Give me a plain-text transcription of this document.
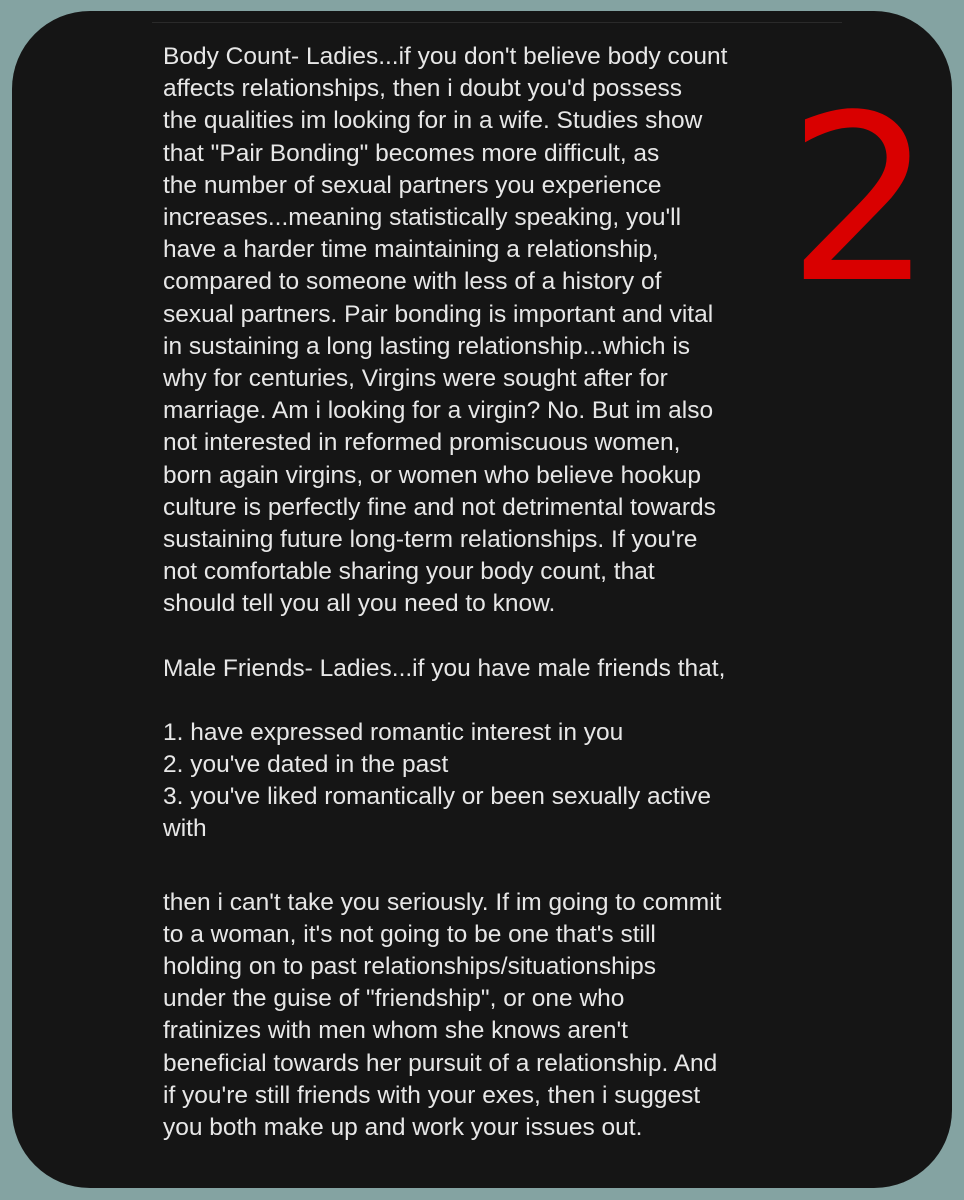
2

Body Count- Ladies...if you don't believe body count
affects relationships, then i doubt you'd possess
the qualities im looking for in a wife. Studies show
that "Pair Bonding" becomes more difficult, as
the number of sexual partners you experience
increases...meaning statistically speaking, you'll
have a harder time maintaining a relationship,
compared to someone with less of a history of
sexual partners. Pair bonding is important and vital
in sustaining a long lasting relationship...which is
why for centuries, Virgins were sought after for
marriage. Am i looking for a virgin? No. But im also
not interested in reformed promiscuous women,
born again virgins, or women who believe hookup
culture is perfectly fine and not detrimental towards
sustaining future long-term relationships. If you're
not comfortable sharing your body count, that
should tell you all you need to know.

Male Friends- Ladies...if you have male friends that,

1. have expressed romantic interest in you

2. you've dated in the past

3. you've liked romantically or been sexually active
with

then i can't take you seriously. If im going to commit
to a woman, it's not going to be one that's still
holding on to past relationships/situationships
under the guise of "friendship", or one who
fratinizes with men whom she knows aren't
beneficial towards her pursuit of a relationship. And
if you're still friends with your exes, then i suggest
you both make up and work your issues out.
